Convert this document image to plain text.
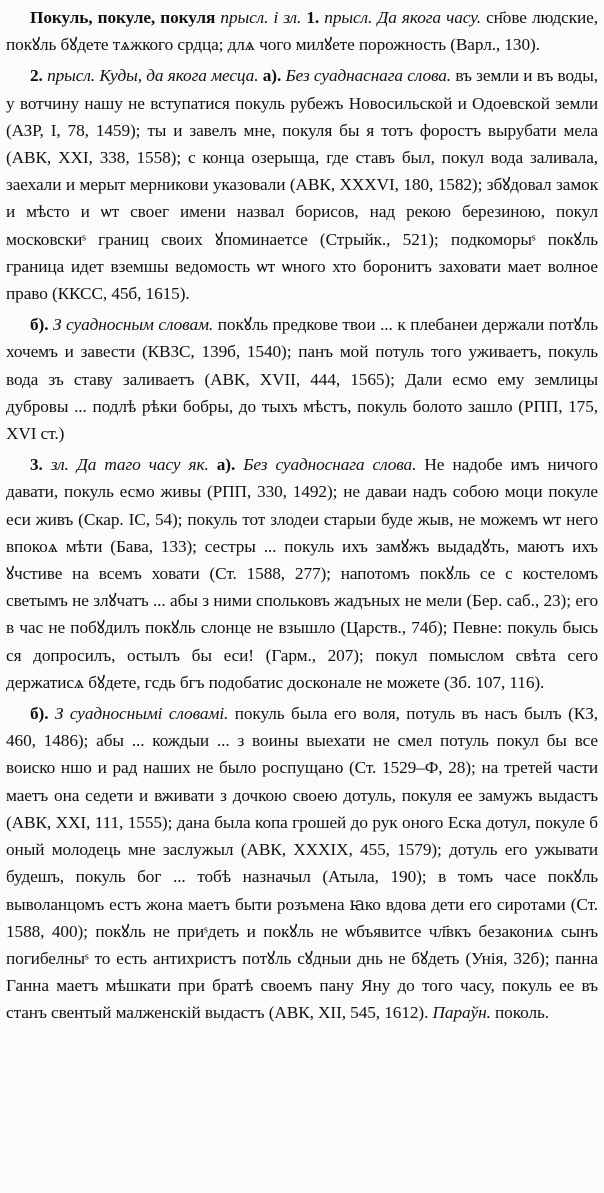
Покуль, покуле, покуля прысл. і зл. 1. прысл. Да якога часу. сн҃ове людские, покꙋль бꙋдете тѧжкого срдца; длѧ чого милꙋете порожность (Варл., 130).

2. прысл. Куды, да якога месца. а). Без суаднаснага слова. въ земли и въ воды, у вотчину нашу не вступатися покуль рубежъ Новосильской и Одоевской земли (АЗР, І, 78, 1459); ты и завелъ мне, покуля бы я тотъ форостъ вырубати мела (АВК, XXI, 338, 1558); с конца озерыща, где ставъ был, покул вода заливала, заехали и мерыт мерникови указовали (АВК, XXXVI, 180, 1582); збꙋдовал замок и мѣсто и ѡт своег имени назвал борисов, над рекою березиною, покул московскиˢ границ своих ꙋпоминаетсе (Стрыйк., 521); подкоморыˢ покꙋль граница идет вземшы ведомость ѡт ѡного хто боронитъ заховати мает волное право (ККСС, 45б, 1615).

б). З суадносным словам. покꙋль предкове твои ... к плебанеи держали потꙋль хочемъ и завести (КВЗС, 139б, 1540); панъ мой потуль того уживаетъ, покуль вода зъ ставу заливаетъ (АВК, XVII, 444, 1565); Дали есмо ему землицы дубровы ... подлѣ рѣки бобры, до тыхъ мѣстъ, покуль болото зашло (РПП, 175, XVI ст.)

3. зл. Да таго часу як. а). Без суадноснага слова. Не надобе имъ ничого давати, покуль есмо живы (РПП, 330, 1492); не даваи надъ собою моци покуле еси живъ (Скар. ІС, 54); покуль тот злодеи старыи буде жыв, не можемъ ѡт него впокоѧ мѣти (Бава, 133); сестры ... покуль ихъ замꙋжъ выдадꙋть, маютъ ихъ ꙋчстиве на всемъ ховати (Ст. 1588, 277); напотомъ покꙋль се с костеломъ светымъ не злꙋчатъ ... абы з ними спольковъ жадъных не мели (Бер. саб., 23); его в час не побꙋдилъ покꙋль слонце не взышло (Царств., 74б); Певне: покуль бысь ся допросилъ, остылъ бы еси! (Гарм., 207); покул помыслом свѣта сего держатисѧ бꙋдете, гсдь бгъ подобатис досконале не можете (Зб. 107, 116).

б). З суадноснымі словамі. покуль была его воля, потуль въ насъ былъ (КЗ, 460, 1486); абы ... кождыи ... з воины выехати не смел потуль покул бы все воиско ншо и рад наших не было роспущано (Ст. 1529–Ф, 28); на третей части маетъ она седети и вживати з дочкою своею дотуль, покуля ее замужъ выдастъ (АВК, XXI, 111, 1555); дана была копа грошей до рук оного Еска дотул, покуле б оный молодець мне заслужыл (АВК, XXXIX, 455, 1579); дотуль его ужывати будешъ, покуль бог ... тобѣ назначыл (Атыла, 190); в томъ часе покꙋль выволанцомъ естъ жона маетъ быти розъмена ꙗко вдова дети его сиротами (Ст. 1588, 400); покꙋль не приˢдеть и покꙋль не ѡбъявитсе чл҃вкъ безакониѧ сынъ погибелныˢ то есть антихристъ потꙋль сꙋдныи днь не бꙋдеть (Унія, 32б); панна Ганна маетъ мѣшкати при братѣ своемъ пану Яну до того часу, покуль ее въ станъ свентый малженскій выдастъ (АВК, XII, 545, 1612). Параўн. поколь.
